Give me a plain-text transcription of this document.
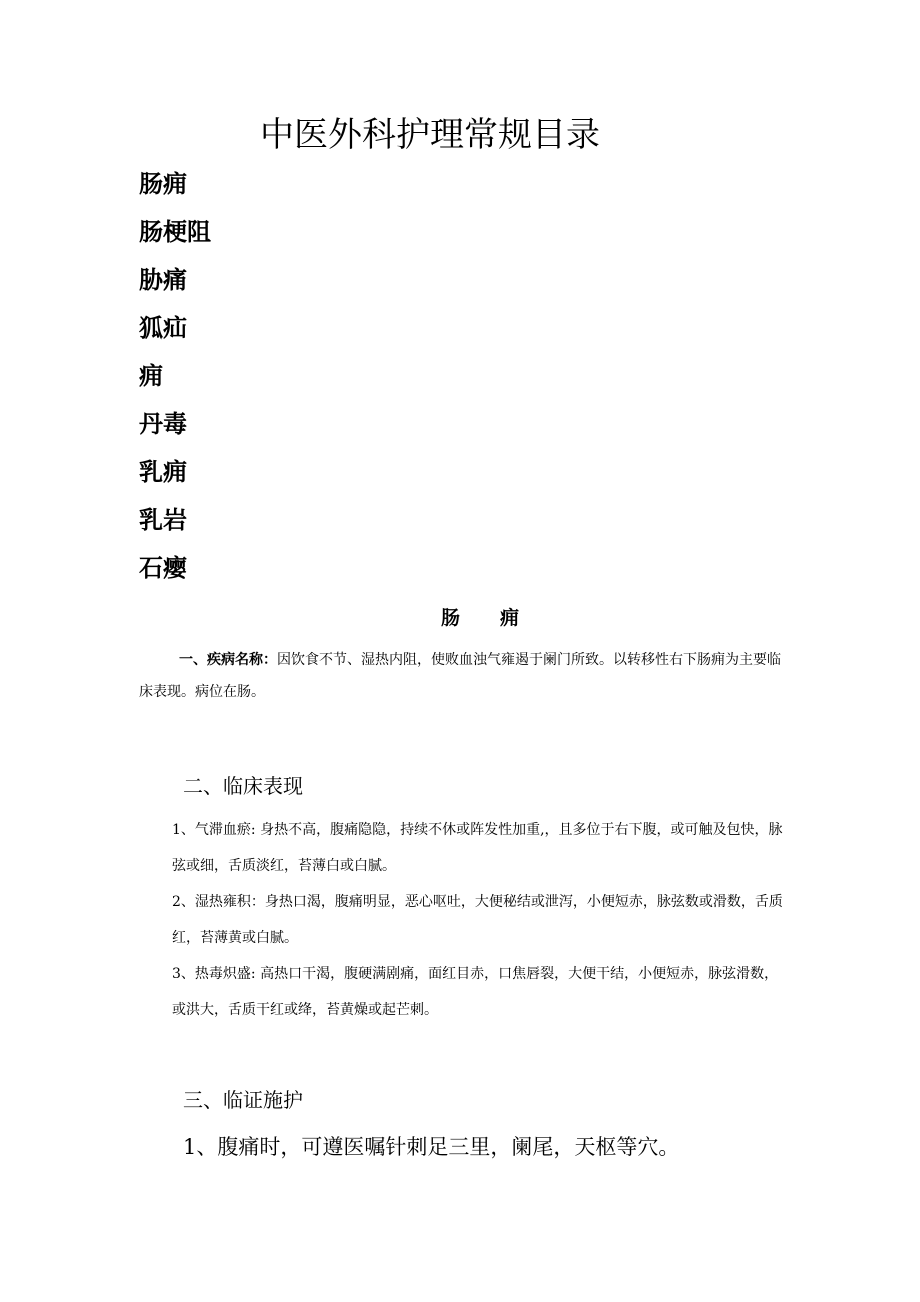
中医外科护理常规目录
肠痈
肠梗阻
胁痛
狐疝
痈
丹毒
乳痈
乳岩
石瘿
肠 痈

一、疾病名称：因饮食不节、湿热内阻，使败血浊气雍遏于阑门所致。以转移性右下肠痈为主要临床表现。病位在肠。

二、临床表现
1、气滞血瘀: 身热不高，腹痛隐隐，持续不休或阵发性加重,，且多位于右下腹，或可触及包快，脉弦或细，舌质淡红，苔薄白或白腻。
2、湿热雍积：身热口渴，腹痛明显，恶心呕吐，大便秘结或泄泻，小便短赤，脉弦数或滑数，舌质红，苔薄黄或白腻。
3、热毒炽盛: 高热口干渴，腹硬满剧痛，面红目赤，口焦唇裂，大便干结，小便短赤，脉弦滑数，或洪大，舌质干红或绛，苔黄燥或起芒刺。
三、临证施护

1、腹痛时，可遵医嘱针刺足三里，阑尾，天枢等穴。
